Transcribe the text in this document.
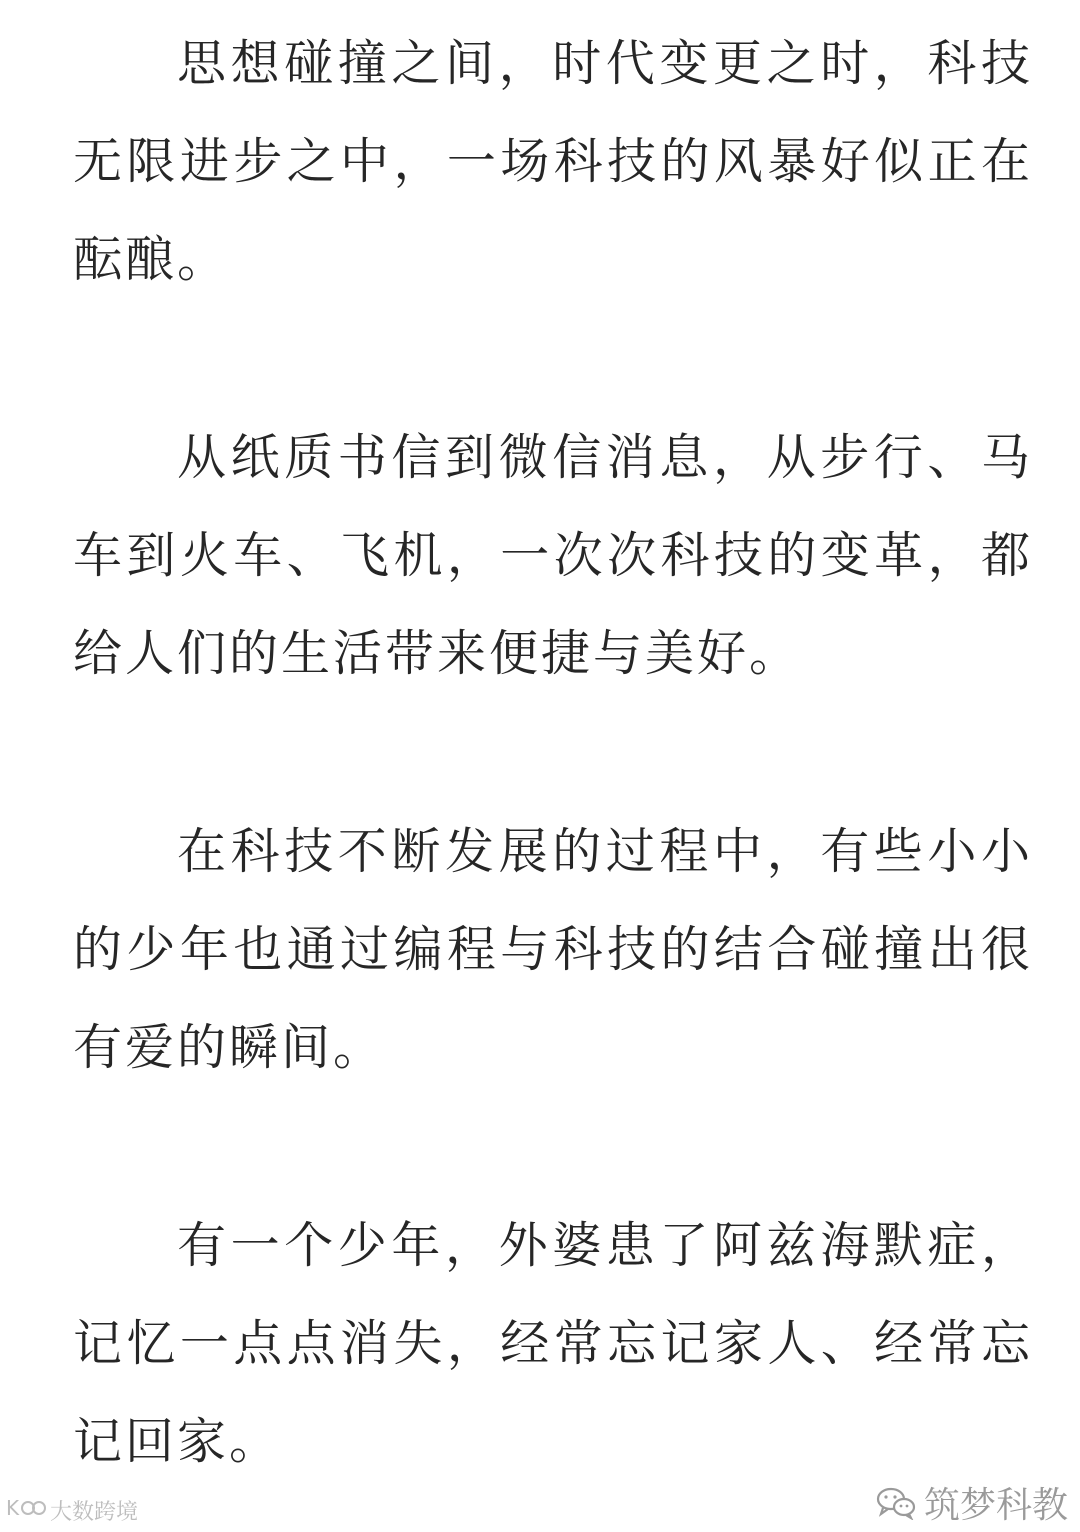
思想碰撞之间，时代变更之时，科技无限进步之中，一场科技的风暴好似正在酝酿。

从纸质书信到微信消息，从步行、马车到火车、飞机，一次次科技的变革，都给人们的生活带来便捷与美好。

在科技不断发展的过程中，有些小小的少年也通过编程与科技的结合碰撞出很有爱的瞬间。

有一个少年，外婆患了阿兹海默症，记忆一点点消失，经常忘记家人、经常忘记回家。

K 大数跨境	筑梦科教
